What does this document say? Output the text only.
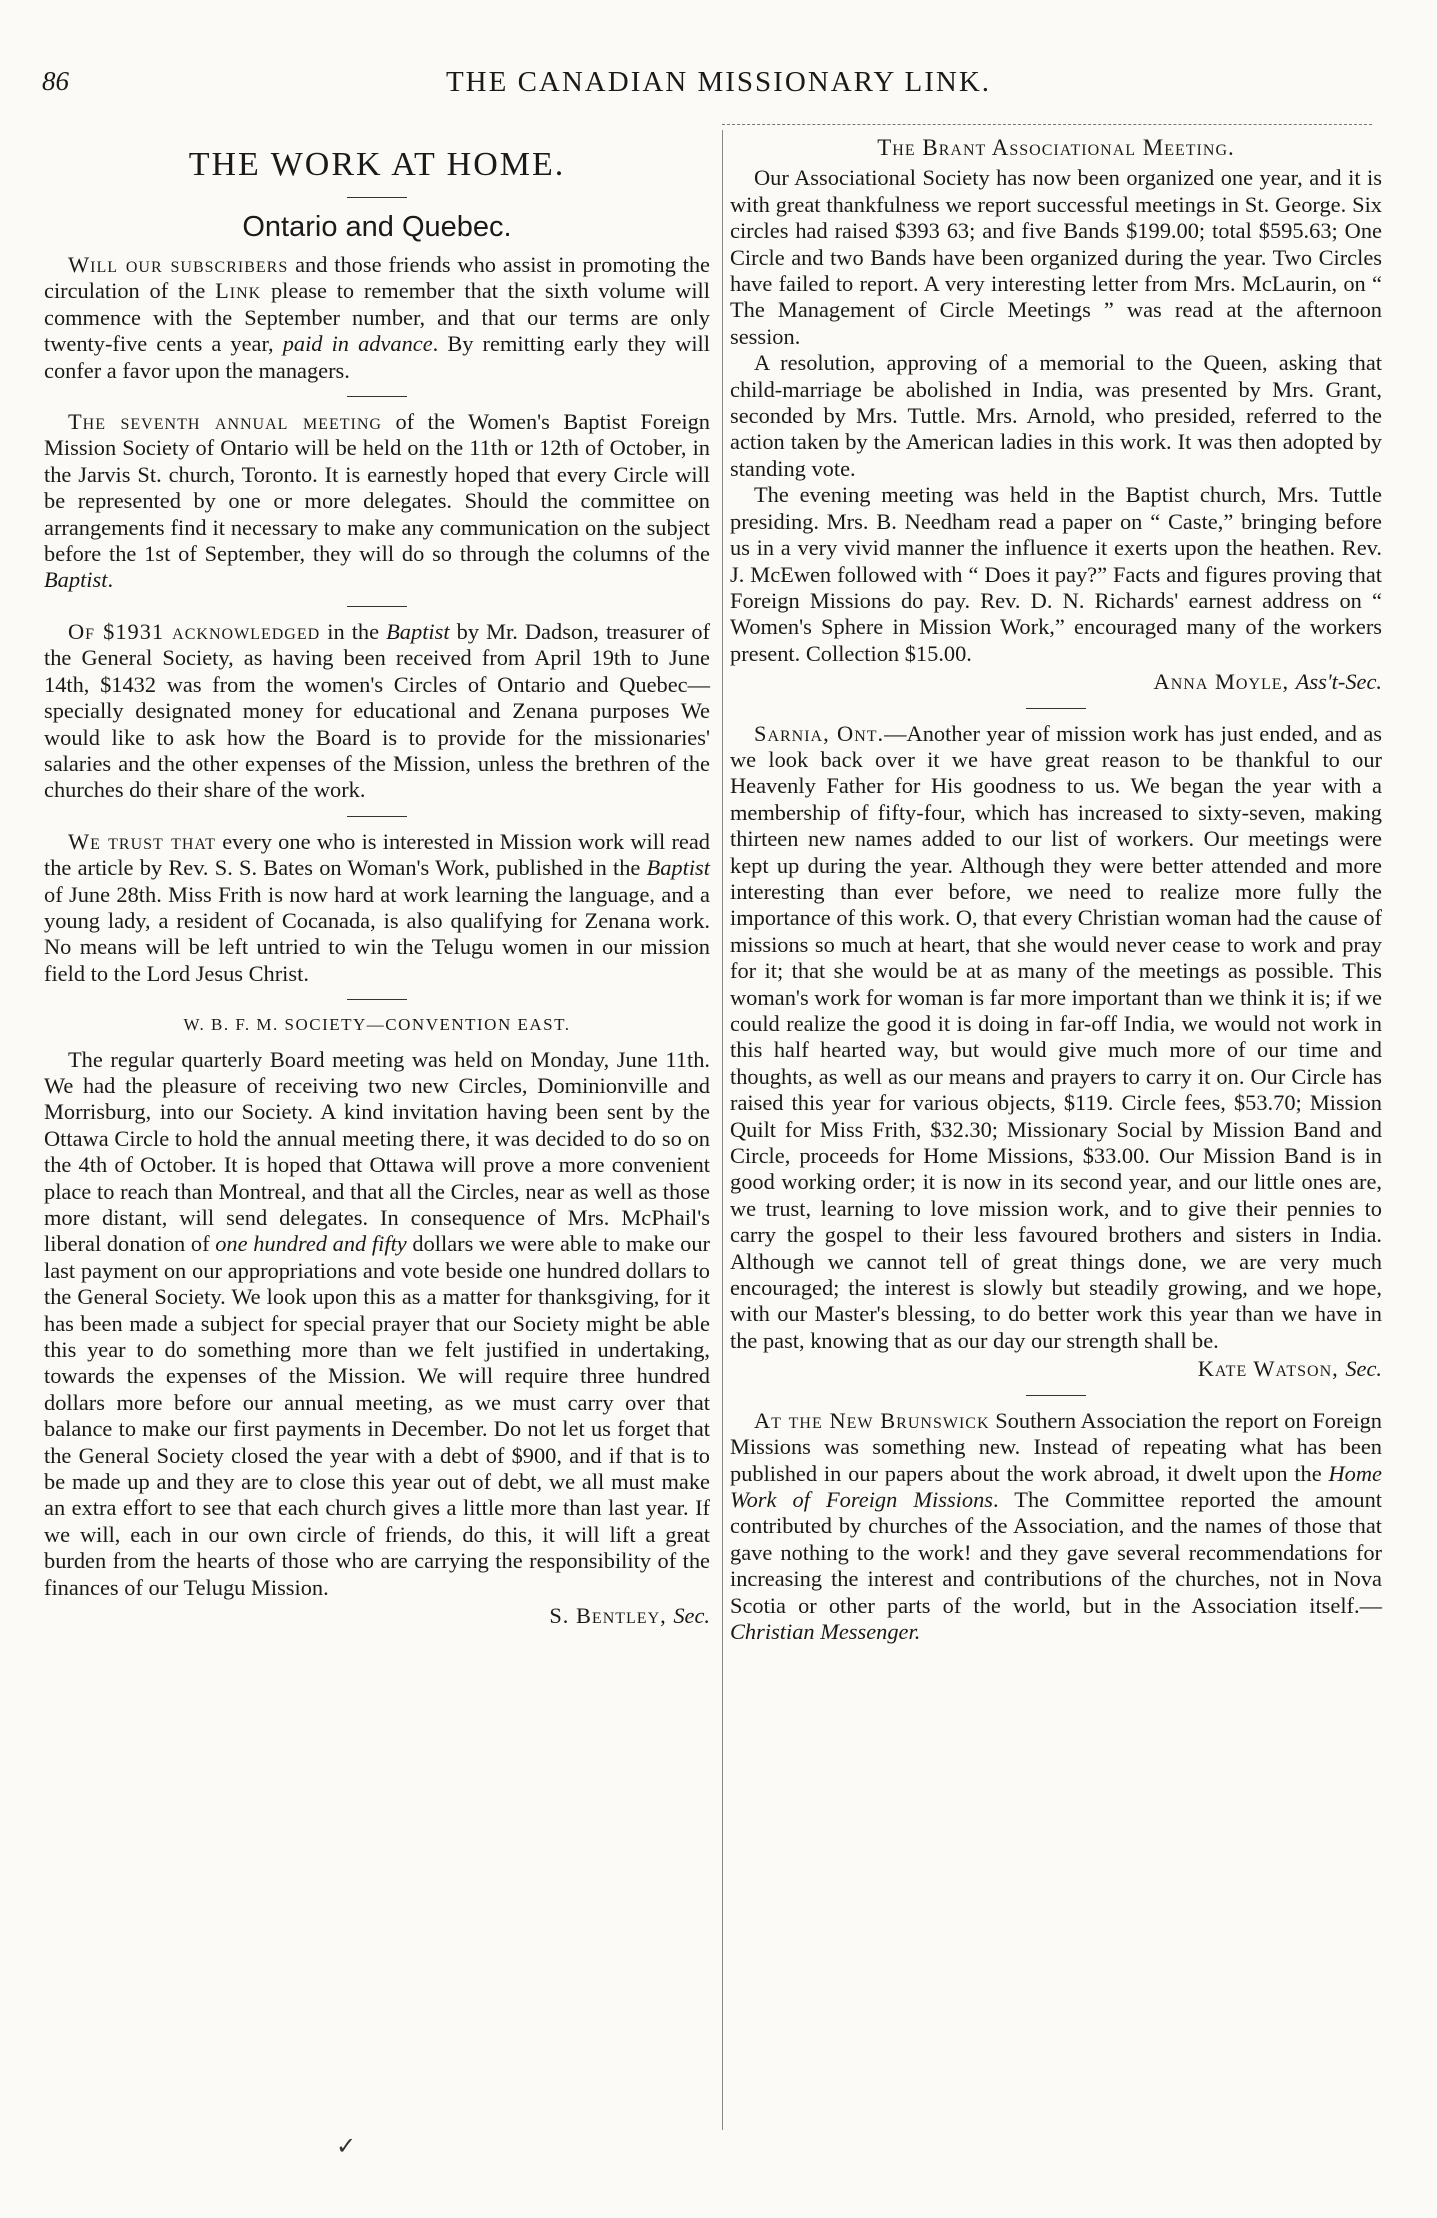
86	THE CANADIAN MISSIONARY LINK.
THE WORK AT HOME.
Ontario and Quebec.

Will our subscribers and those friends who assist in promoting the circulation of the Link please to remember that the sixth volume will commence with the September number, and that our terms are only twenty-five cents a year, paid in advance. By remitting early they will confer a favor upon the managers.

The seventh annual meeting of the Women's Baptist Foreign Mission Society of Ontario will be held on the 11th or 12th of October, in the Jarvis St. church, Toronto. It is earnestly hoped that every Circle will be represented by one or more delegates. Should the committee on arrangements find it necessary to make any communication on the subject before the 1st of September, they will do so through the columns of the Baptist.

Of $1931 acknowledged in the Baptist by Mr. Dadson, treasurer of the General Society, as having been received from April 19th to June 14th, $1432 was from the women's Circles of Ontario and Quebec—specially designated money for educational and Zenana purposes We would like to ask how the Board is to provide for the missionaries' salaries and the other expenses of the Mission, unless the brethren of the churches do their share of the work.

We trust that every one who is interested in Mission work will read the article by Rev. S. S. Bates on Woman's Work, published in the Baptist of June 28th. Miss Frith is now hard at work learning the language, and a young lady, a resident of Cocanada, is also qualifying for Zenana work. No means will be left untried to win the Telugu women in our mission field to the Lord Jesus Christ.

W. B. F. M. SOCIETY—CONVENTION EAST.

The regular quarterly Board meeting was held on Monday, June 11th. We had the pleasure of receiving two new Circles, Dominionville and Morrisburg, into our Society. A kind invitation having been sent by the Ottawa Circle to hold the annual meeting there, it was decided to do so on the 4th of October. It is hoped that Ottawa will prove a more convenient place to reach than Montreal, and that all the Circles, near as well as those more distant, will send delegates. In consequence of Mrs. McPhail's liberal donation of one hundred and fifty dollars we were able to make our last payment on our appropriations and vote beside one hundred dollars to the General Society. We look upon this as a matter for thanksgiving, for it has been made a subject for special prayer that our Society might be able this year to do something more than we felt justified in undertaking, towards the expenses of the Mission. We will require three hundred dollars more before our annual meeting, as we must carry over that balance to make our first payments in December. Do not let us forget that the General Society closed the year with a debt of $900, and if that is to be made up and they are to close this year out of debt, we all must make an extra effort to see that each church gives a little more than last year. If we will, each in our own circle of friends, do this, it will lift a great burden from the hearts of those who are carrying the responsibility of the finances of our Telugu Mission.

S. Bentley, Sec.

The Brant Associational Meeting.

Our Associational Society has now been organized one year, and it is with great thankfulness we report successful meetings in St. George. Six circles had raised $393 63; and five Bands $199.00; total $595.63; One Circle and two Bands have been organized during the year. Two Circles have failed to report. A very interesting letter from Mrs. McLaurin, on “ The Management of Circle Meetings ” was read at the afternoon session.

A resolution, approving of a memorial to the Queen, asking that child-marriage be abolished in India, was presented by Mrs. Grant, seconded by Mrs. Tuttle. Mrs. Arnold, who presided, referred to the action taken by the American ladies in this work. It was then adopted by standing vote.

The evening meeting was held in the Baptist church, Mrs. Tuttle presiding. Mrs. B. Needham read a paper on “ Caste,” bringing before us in a very vivid manner the influence it exerts upon the heathen. Rev. J. McEwen followed with “ Does it pay?” Facts and figures proving that Foreign Missions do pay. Rev. D. N. Richards' earnest address on “ Women's Sphere in Mission Work,” encouraged many of the workers present. Collection $15.00.

Anna Moyle, Ass't-Sec.

Sarnia, Ont.—Another year of mission work has just ended, and as we look back over it we have great reason to be thankful to our Heavenly Father for His goodness to us. We began the year with a membership of fifty-four, which has increased to sixty-seven, making thirteen new names added to our list of workers. Our meetings were kept up during the year. Although they were better attended and more interesting than ever before, we need to realize more fully the importance of this work. O, that every Christian woman had the cause of missions so much at heart, that she would never cease to work and pray for it; that she would be at as many of the meetings as possible. This woman's work for woman is far more important than we think it is; if we could realize the good it is doing in far-off India, we would not work in this half hearted way, but would give much more of our time and thoughts, as well as our means and prayers to carry it on. Our Circle has raised this year for various objects, $119. Circle fees, $53.70; Mission Quilt for Miss Frith, $32.30; Missionary Social by Mission Band and Circle, proceeds for Home Missions, $33.00. Our Mission Band is in good working order; it is now in its second year, and our little ones are, we trust, learning to love mission work, and to give their pennies to carry the gospel to their less favoured brothers and sisters in India. Although we cannot tell of great things done, we are very much encouraged; the interest is slowly but steadily growing, and we hope, with our Master's blessing, to do better work this year than we have in the past, knowing that as our day our strength shall be.

Kate Watson, Sec.

At the New Brunswick Southern Association the report on Foreign Missions was something new. Instead of repeating what has been published in our papers about the work abroad, it dwelt upon the Home Work of Foreign Missions. The Committee reported the amount contributed by churches of the Association, and the names of those that gave nothing to the work! and they gave several recommendations for increasing the interest and contributions of the churches, not in Nova Scotia or other parts of the world, but in the Association itself.—Christian Messenger.

✓
